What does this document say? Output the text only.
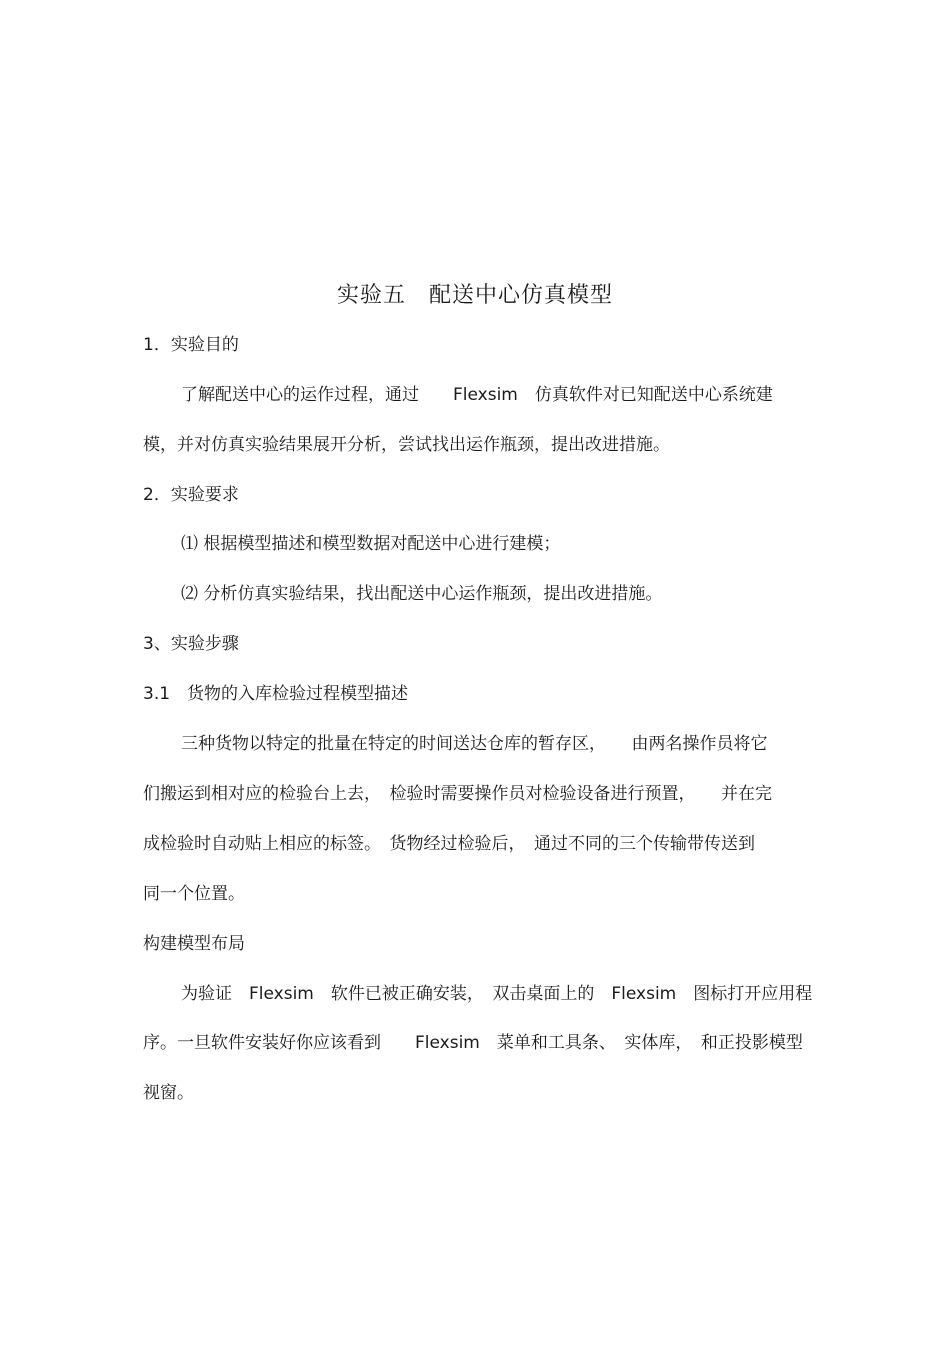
实验五　配送中心仿真模型
1．实验目的
了解配送中心的运作过程，通过　　Flexsim　仿真软件对已知配送中心系统建
模，并对仿真实验结果展开分析，尝试找出运作瓶颈，提出改进措施。
2．实验要求
⑴ 根据模型描述和模型数据对配送中心进行建模；
⑵ 分析仿真实验结果，找出配送中心运作瓶颈，提出改进措施。
3、实验步骤
3.1　货物的入库检验过程模型描述
三种货物以特定的批量在特定的时间送达仓库的暂存区，　　由两名操作员将它
们搬运到相对应的检验台上去，　检验时需要操作员对检验设备进行预置，　　并在完
成检验时自动贴上相应的标签。　货物经过检验后，　通过不同的三个传输带传送到
同一个位置。
构建模型布局
为验证　Flexsim　软件已被正确安装，　双击桌面上的　Flexsim　图标打开应用程
序。一旦软件安装好你应该看到　　Flexsim　菜单和工具条、　实体库，　和正投影模型
视窗。
